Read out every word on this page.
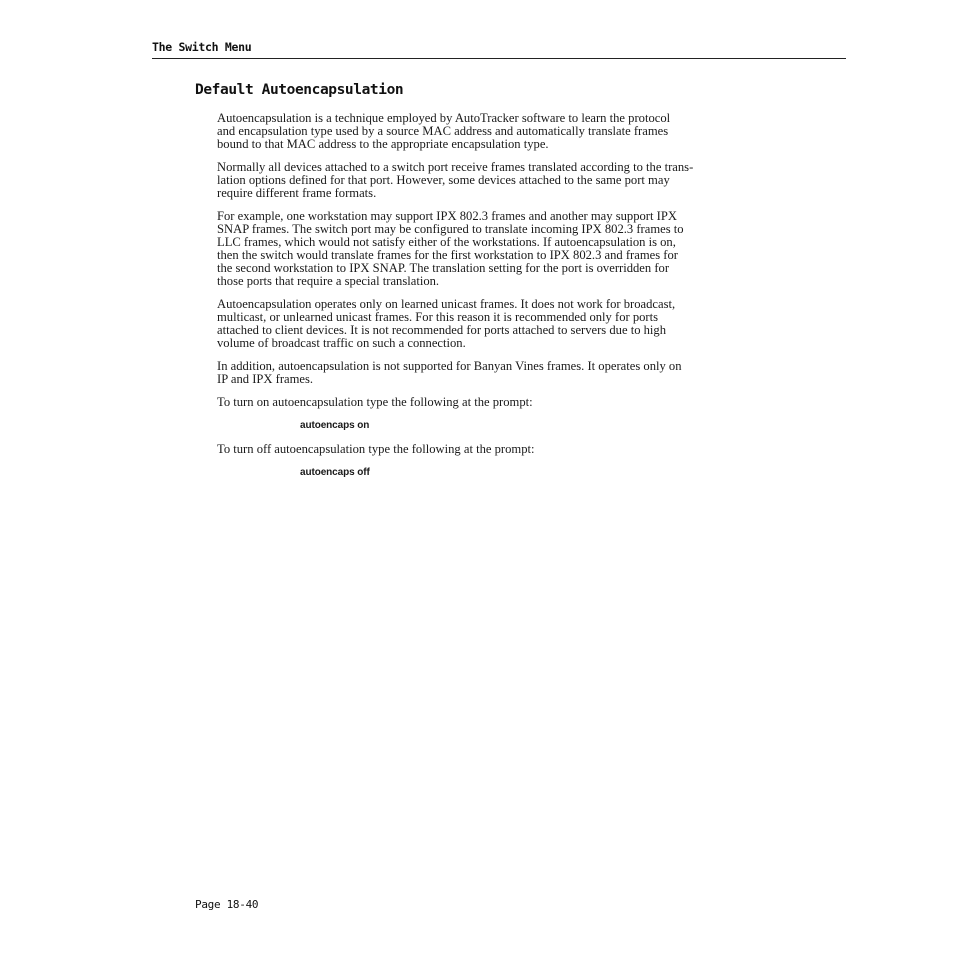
The Switch Menu
Default Autoencapsulation

Autoencapsulation is a technique employed by AutoTracker software to learn the protocol
and encapsulation type used by a source MAC address and automatically translate frames
bound to that MAC address to the appropriate encapsulation type.

Normally all devices attached to a switch port receive frames translated according to the trans-
lation options defined for that port. However, some devices attached to the same port may
require different frame formats.

For example, one workstation may support IPX 802.3 frames and another may support IPX
SNAP frames. The switch port may be configured to translate incoming IPX 802.3 frames to
LLC frames, which would not satisfy either of the workstations. If autoencapsulation is on,
then the switch would translate frames for the first workstation to IPX 802.3 and frames for
the second workstation to IPX SNAP. The translation setting for the port is overridden for
those ports that require a special translation.

Autoencapsulation operates only on learned unicast frames. It does not work for broadcast,
multicast, or unlearned unicast frames. For this reason it is recommended only for ports
attached to client devices. It is not recommended for ports attached to servers due to high
volume of broadcast traffic on such a connection.

In addition, autoencapsulation is not supported for Banyan Vines frames. It operates only on
IP and IPX frames.

To turn on autoencapsulation type the following at the prompt:

autoencaps on

To turn off autoencapsulation type the following at the prompt:

autoencaps off

Page 18-40
